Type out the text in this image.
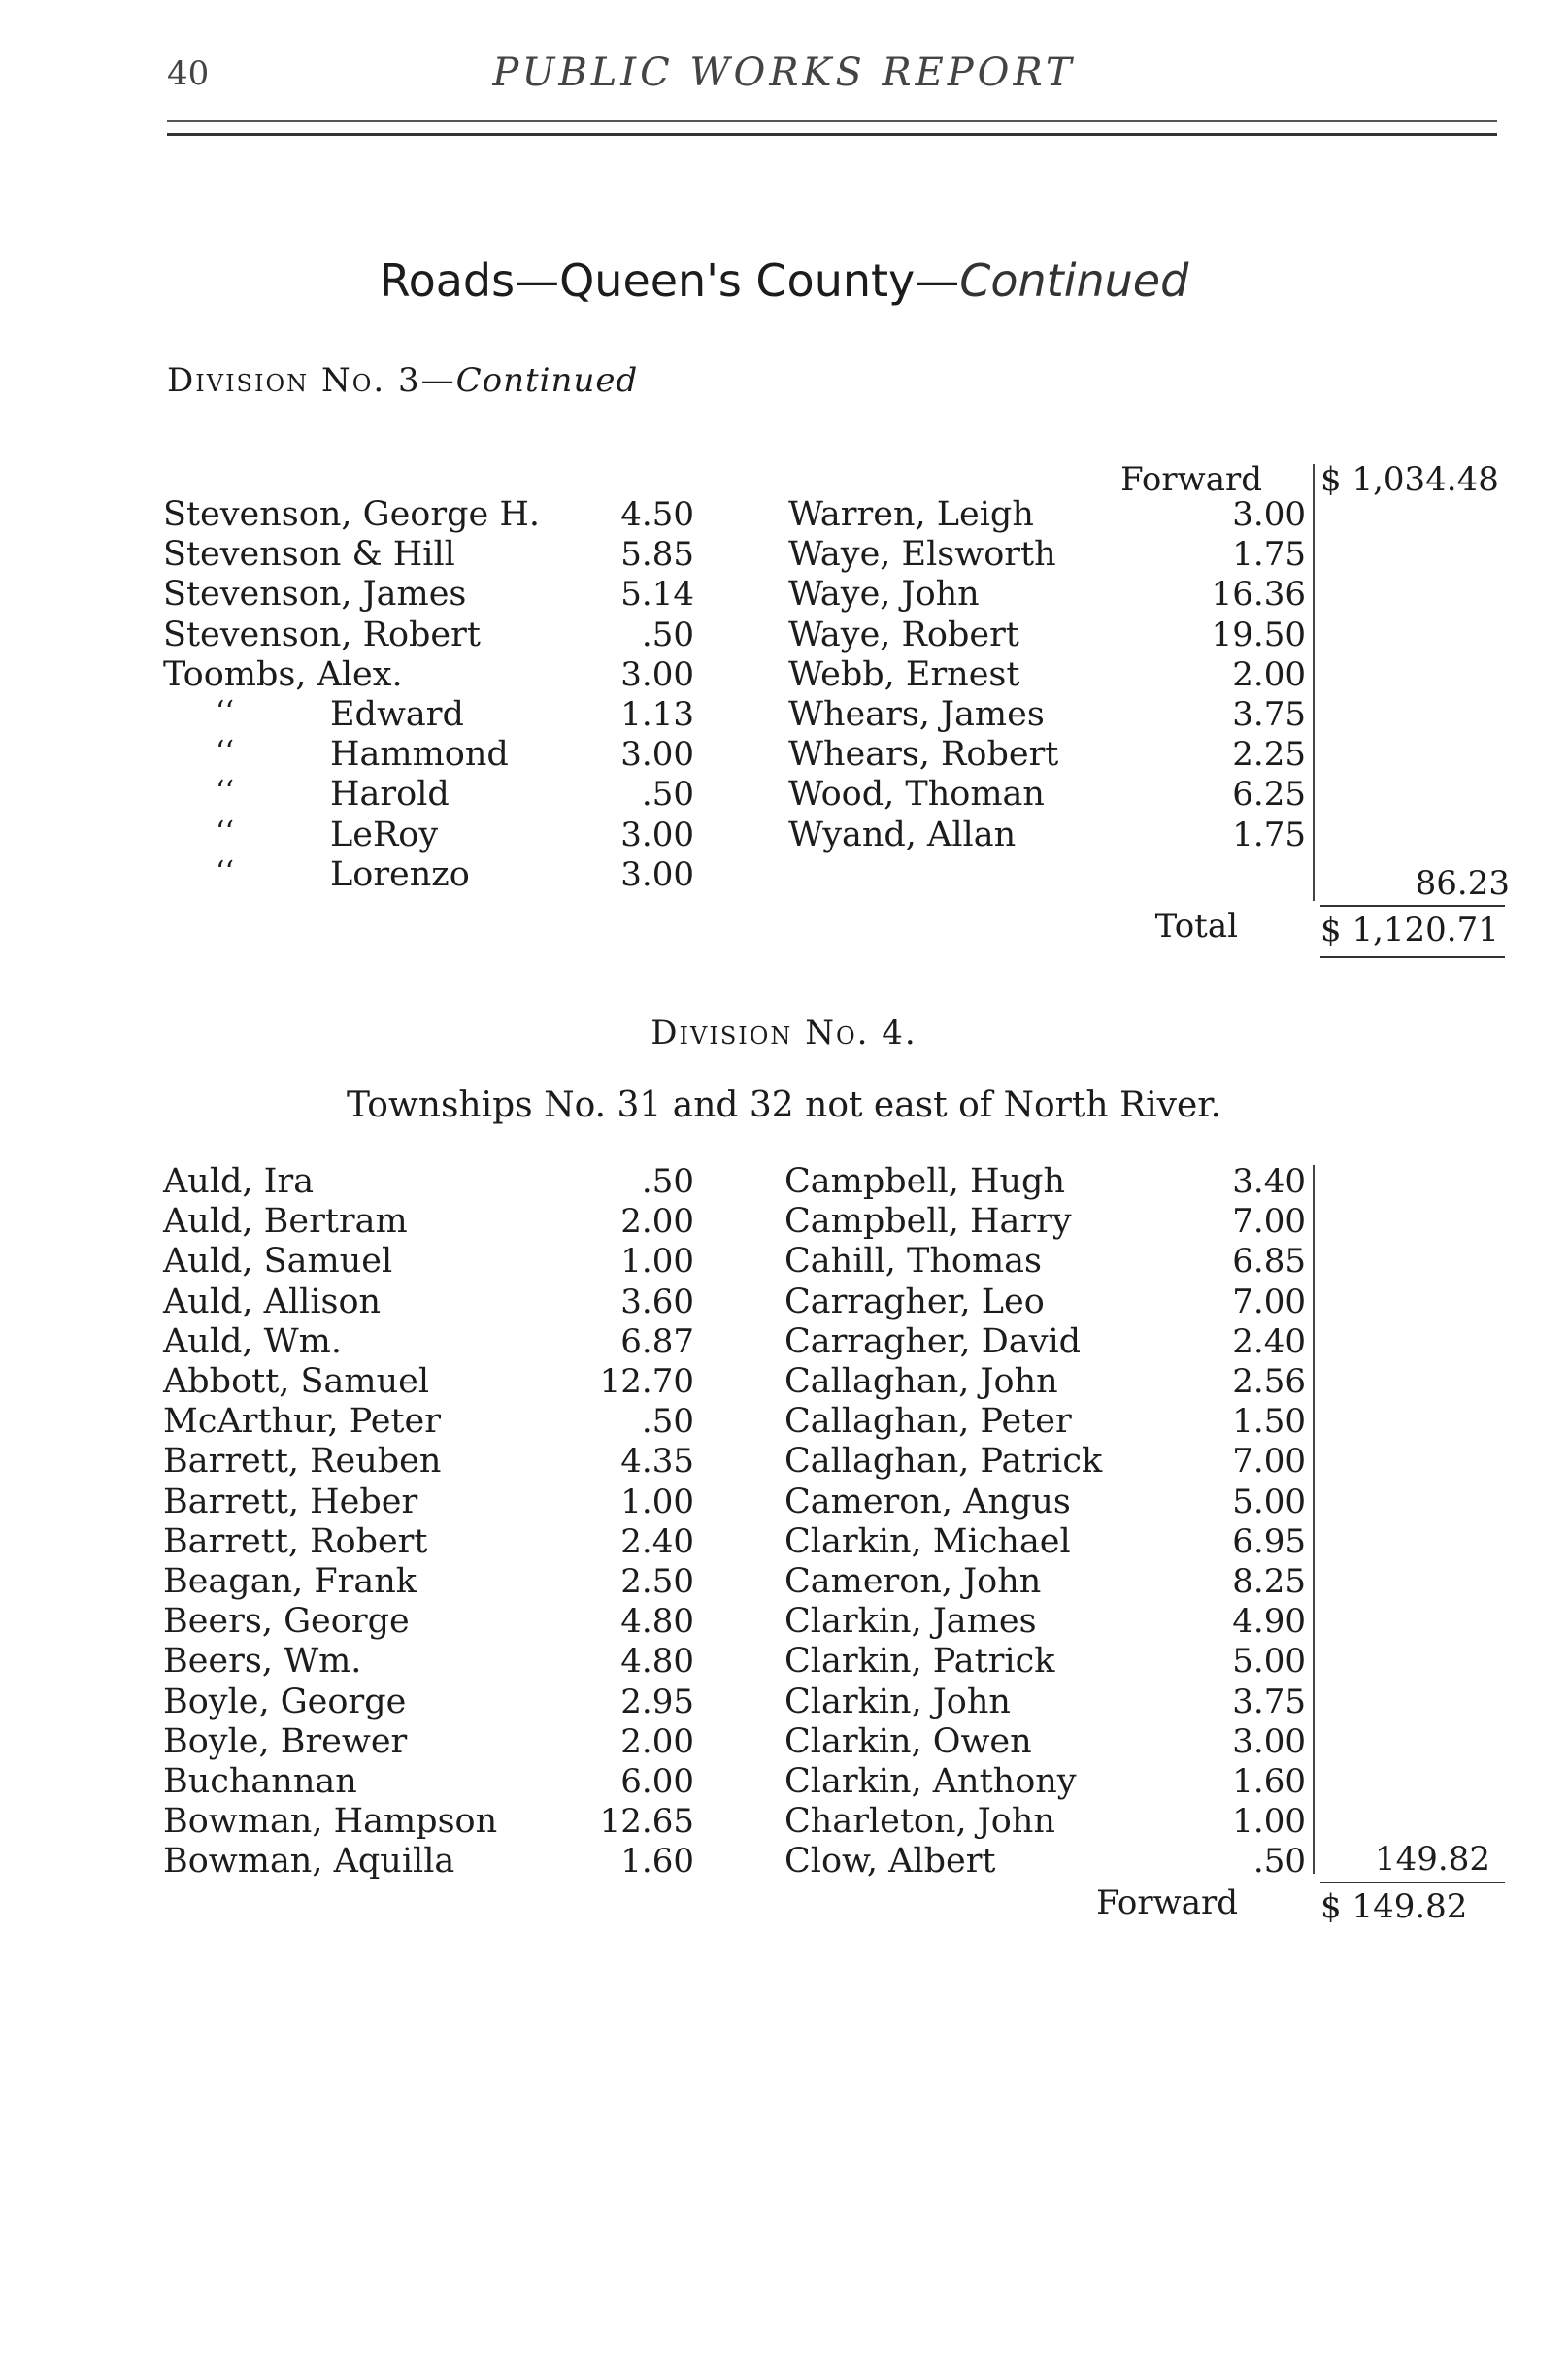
40	PUBLIC WORKS REPORT
Roads—Queen's County—Continued
Division No. 3—Continued
Forward $ 1,034.48
Stevenson, George H.	4.50
Stevenson & Hill	5.85
Stevenson, James	5.14
Stevenson, Robert	.50
Toombs, Alex.	3.00
‘‘	Edward	1.13
‘‘	Hammond	3.00
‘‘	Harold	.50
‘‘	LeRoy	3.00
‘‘	Lorenzo	3.00
Warren, Leigh	3.00
Waye, Elsworth	1.75
Waye, John	16.36
Waye, Robert	19.50
Webb, Ernest	2.00
Whears, James	3.75
Whears, Robert	2.25
Wood, Thoman	6.25
Wyand, Allan	1.75
86.23
Total	$ 1,120.71
Division No. 4.
Townships No. 31 and 32 not east of North River.
Auld, Ira	.50
Auld, Bertram	2.00
Auld, Samuel	1.00
Auld, Allison	3.60
Auld, Wm.	6.87
Abbott, Samuel	12.70
McArthur, Peter	.50
Barrett, Reuben	4.35
Barrett, Heber	1.00
Barrett, Robert	2.40
Beagan, Frank	2.50
Beers, George	4.80
Beers, Wm.	4.80
Boyle, George	2.95
Boyle, Brewer	2.00
Buchannan	6.00
Bowman, Hampson	12.65
Bowman, Aquilla	1.60
Campbell, Hugh	3.40
Campbell, Harry	7.00
Cahill, Thomas	6.85
Carragher, Leo	7.00
Carragher, David	2.40
Callaghan, John	2.56
Callaghan, Peter	1.50
Callaghan, Patrick	7.00
Cameron, Angus	5.00
Clarkin, Michael	6.95
Cameron, John	8.25
Clarkin, James	4.90
Clarkin, Patrick	5.00
Clarkin, John	3.75
Clarkin, Owen	3.00
Clarkin, Anthony	1.60
Charleton, John	1.00
Clow, Albert	.50	149.82
Forward	$ 149.82
